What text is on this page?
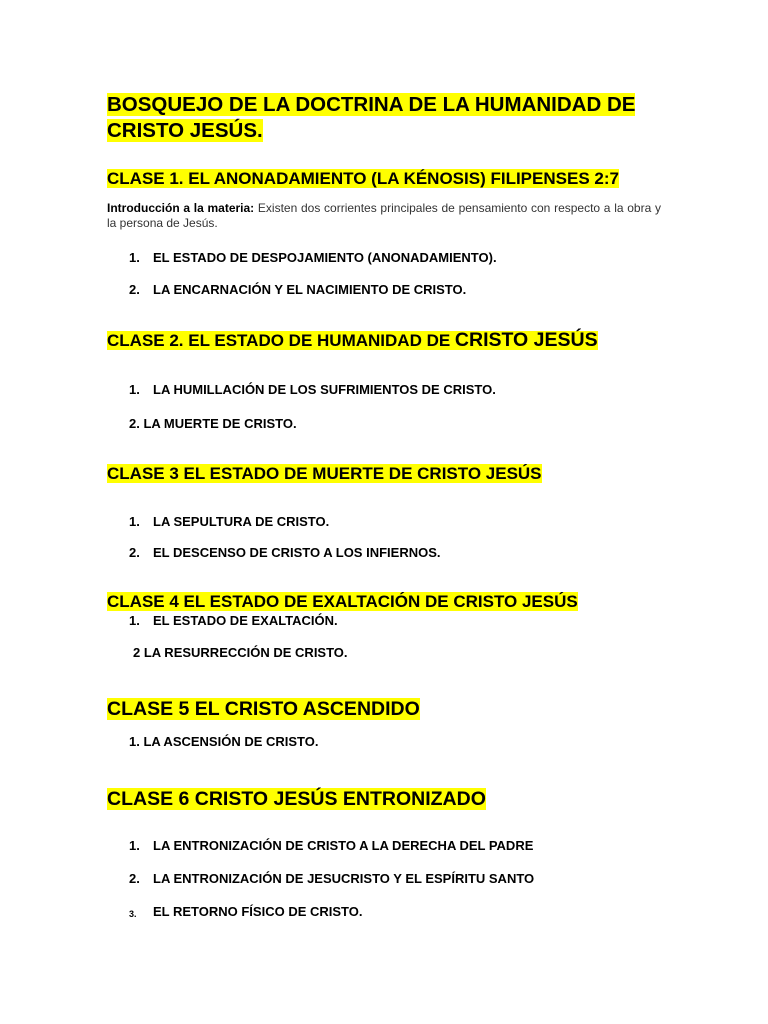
BOSQUEJO DE LA DOCTRINA DE LA HUMANIDAD DE CRISTO JESÚS.
CLASE 1. EL ANONADAMIENTO (LA KÉNOSIS) FILIPENSES 2:7

Introducción a la materia: Existen dos corrientes principales de pensamiento con respecto a la obra y la persona de Jesús.

1. EL ESTADO DE DESPOJAMIENTO (ANONADAMIENTO).
2. LA ENCARNACIÓN Y EL NACIMIENTO DE CRISTO.
CLASE 2. EL ESTADO DE HUMANIDAD DE CRISTO JESÚS
1. LA HUMILLACIÓN DE LOS SUFRIMIENTOS DE CRISTO.

2. LA MUERTE DE CRISTO.

CLASE 3 EL ESTADO DE MUERTE DE CRISTO JESÚS
1. LA SEPULTURA DE CRISTO.
2. EL DESCENSO DE CRISTO A LOS INFIERNOS.
CLASE 4 EL ESTADO DE EXALTACIÓN DE CRISTO JESÚS
1. EL ESTADO DE EXALTACIÓN.

2 LA RESURRECCIÓN DE CRISTO.

CLASE 5 EL CRISTO ASCENDIDO

1. LA ASCENSIÓN DE CRISTO.

CLASE 6 CRISTO JESÚS ENTRONIZADO
1. LA ENTRONIZACIÓN DE CRISTO A LA DERECHA DEL PADRE
2. LA ENTRONIZACIÓN DE JESUCRISTO Y EL ESPÍRITU SANTO
3. EL RETORNO FÍSICO DE CRISTO.
